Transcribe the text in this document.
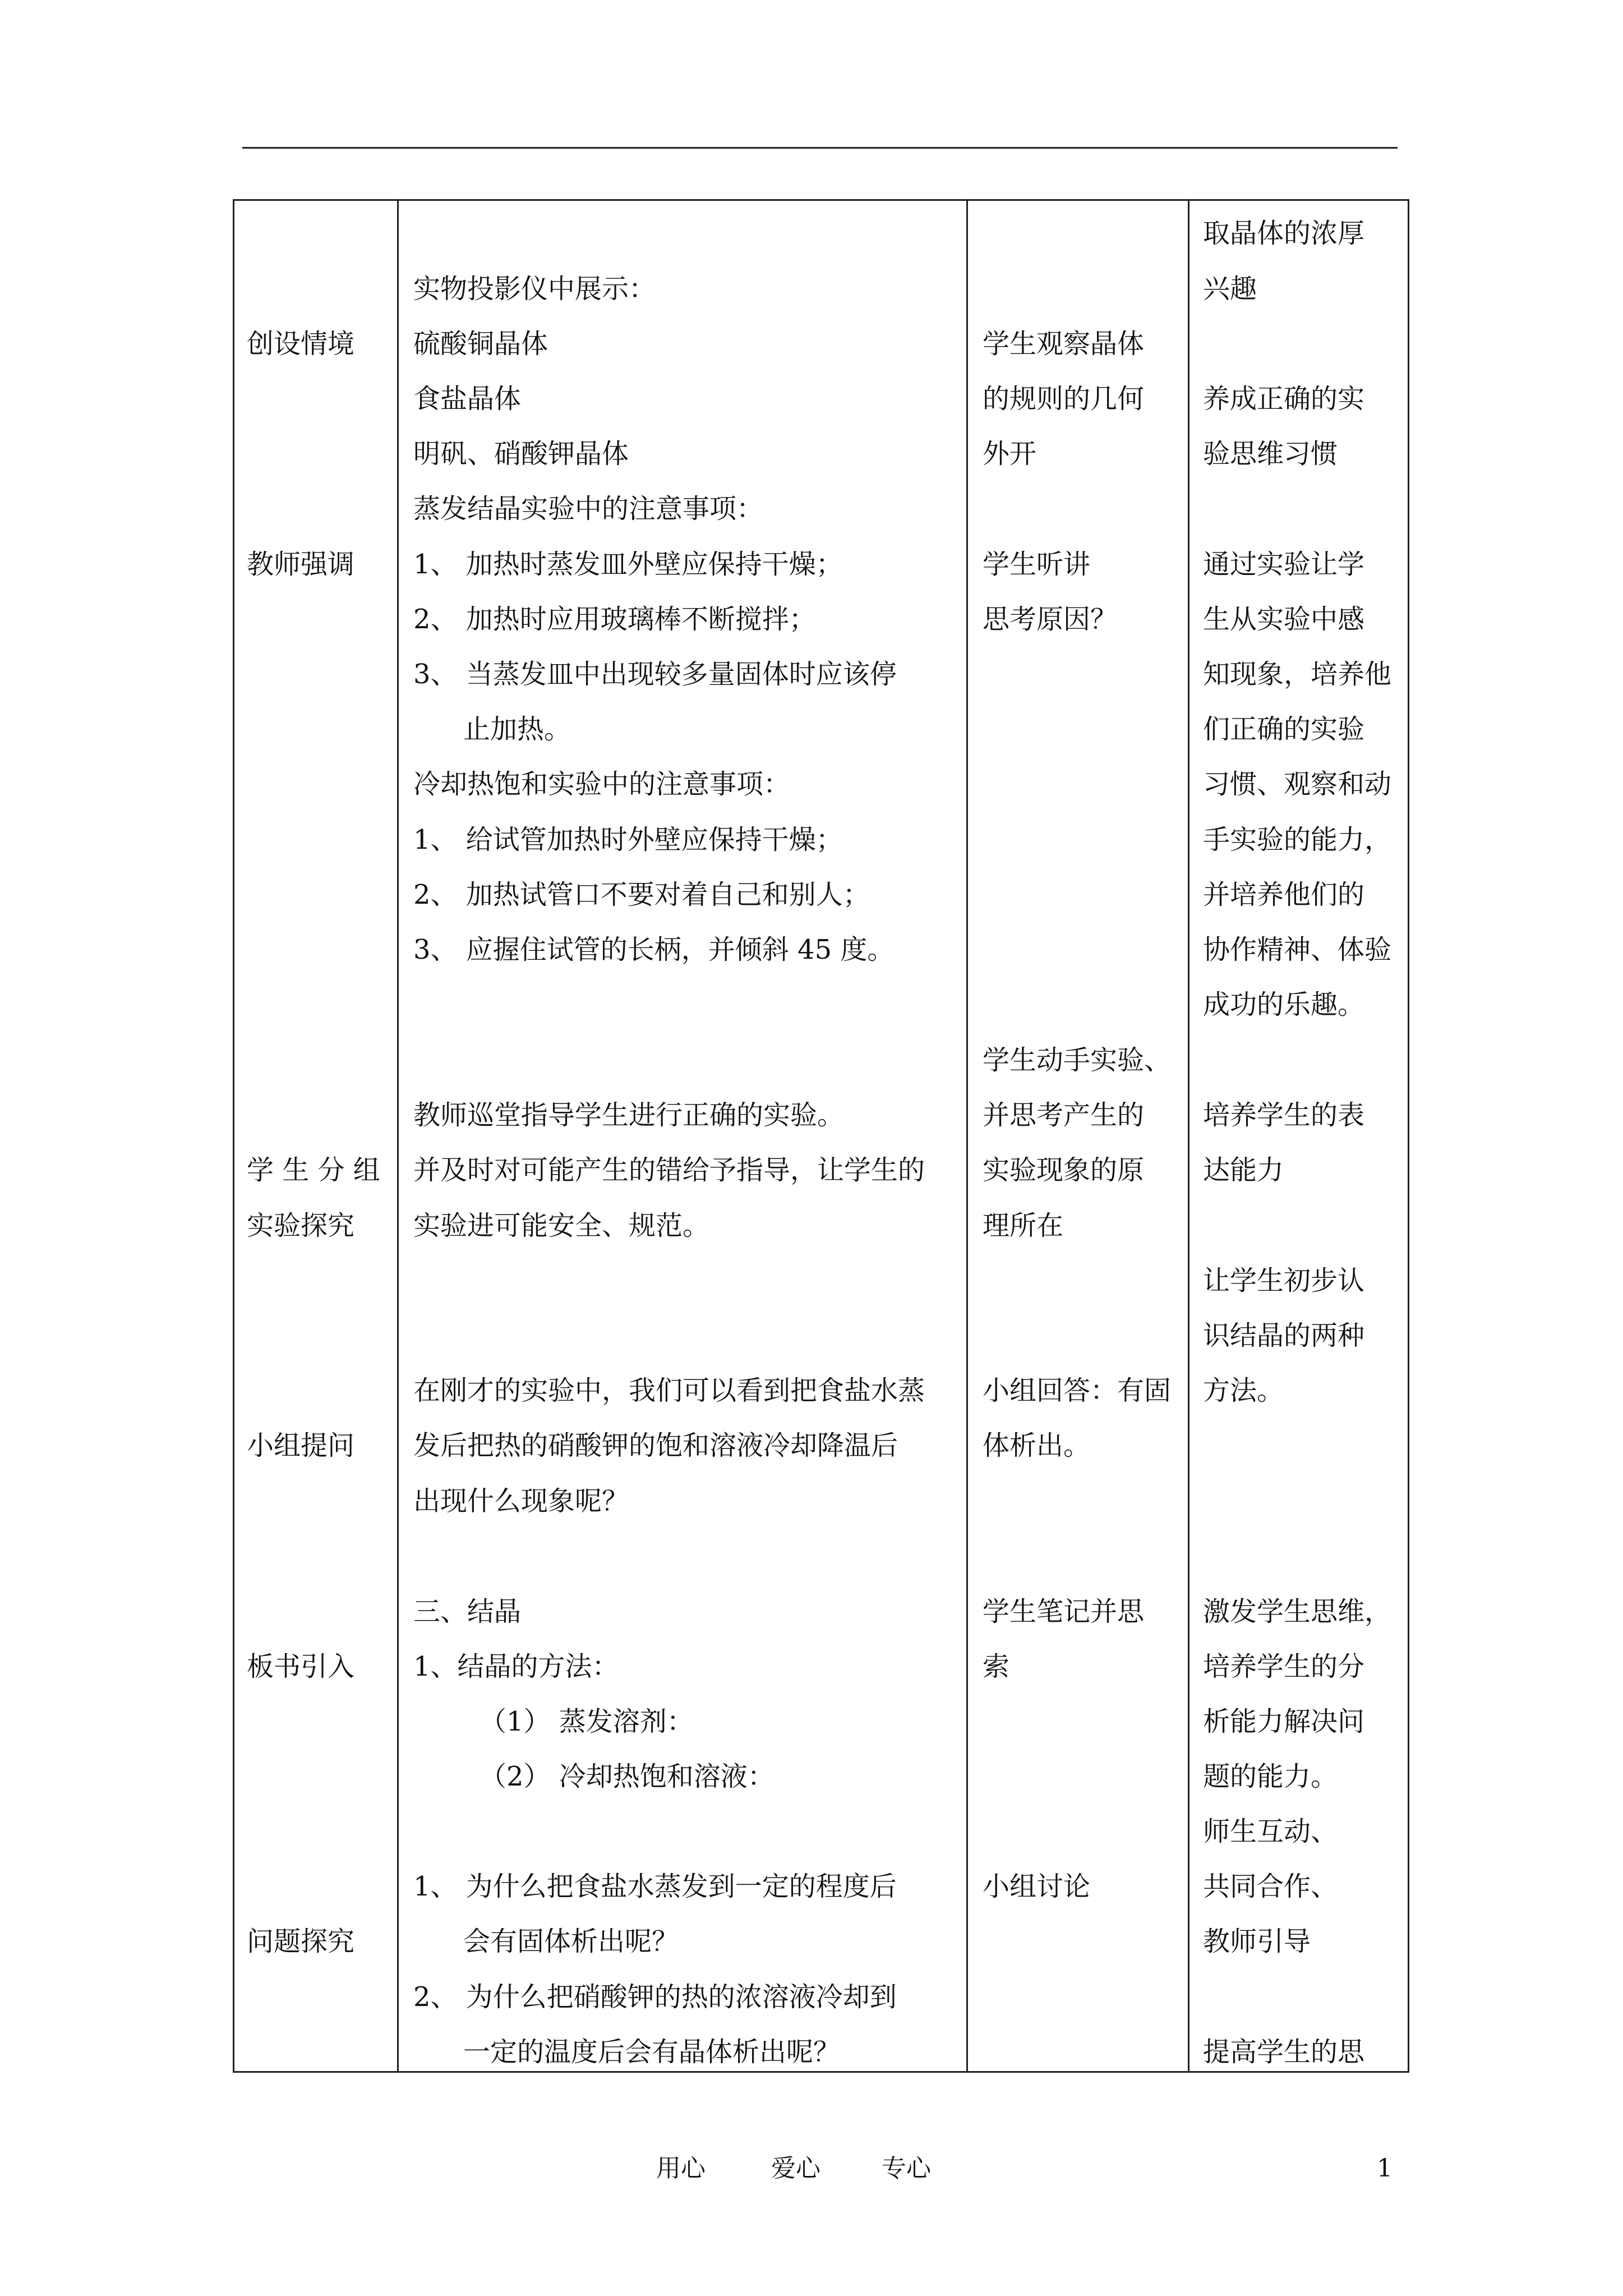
创设情境
教师强调
学 生 分 组
实验探究
小组提问
板书引入
问题探究
实物投影仪中展示：
硫酸铜晶体
食盐晶体
明矾、硝酸钾晶体
蒸发结晶实验中的注意事项：
1、 加热时蒸发皿外壁应保持干燥；
2、 加热时应用玻璃棒不断搅拌；
3、 当蒸发皿中出现较多量固体时应该停
止加热。
冷却热饱和实验中的注意事项：
1、 给试管加热时外壁应保持干燥；
2、 加热试管口不要对着自己和别人；
3、 应握住试管的长柄，并倾斜 45 度。
教师巡堂指导学生进行正确的实验。
并及时对可能产生的错给予指导，让学生的
实验进可能安全、规范。
在刚才的实验中，我们可以看到把食盐水蒸
发后把热的硝酸钾的饱和溶液冷却降温后
出现什么现象呢？
三、结晶
1、结晶的方法：
（1） 蒸发溶剂：
（2） 冷却热饱和溶液：
1、 为什么把食盐水蒸发到一定的程度后
会有固体析出呢？
2、 为什么把硝酸钾的热的浓溶液冷却到
一定的温度后会有晶体析出呢？
学生观察晶体
的规则的几何
外开
学生听讲
思考原因？
学生动手实验、
并思考产生的
实验现象的原
理所在
小组回答：有固
体析出。
学生笔记并思
索
小组讨论
取晶体的浓厚
兴趣
养成正确的实
验思维习惯
通过实验让学
生从实验中感
知现象，培养他
们正确的实验
习惯、观察和动
手实验的能力，
并培养他们的
协作精神、体验
成功的乐趣。
培养学生的表
达能力
让学生初步认
识结晶的两种
方法。
激发学生思维，
培养学生的分
析能力解决问
题的能力。
师生互动、
共同合作、
教师引导
提高学生的思
用心	爱心 专心	1
